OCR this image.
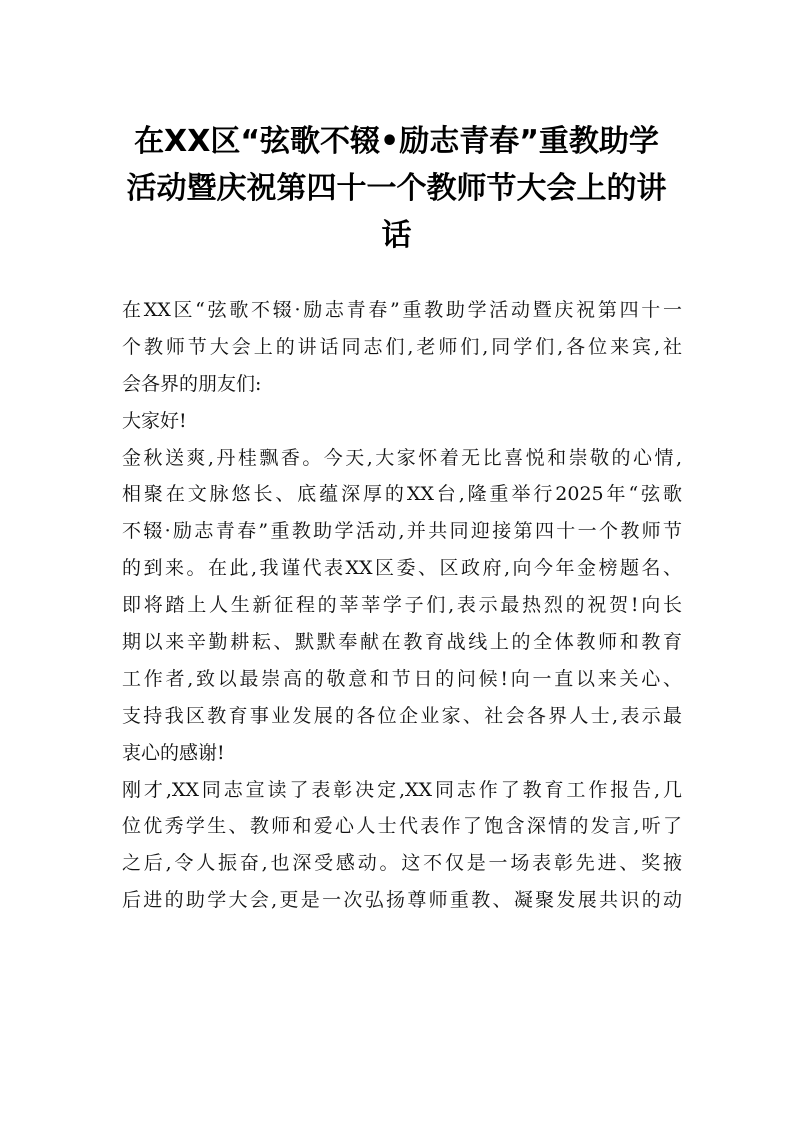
在XX区“弦歌不辍•励志青春”重教助学
活动暨庆祝第四十一个教师节大会上的讲
话
在XX区“弦歌不辍·励志青春”重教助学活动暨庆祝第四十一
个教师节大会上的讲话同志们,老师们,同学们,各位来宾,社
会各界的朋友们:
大家好!
金秋送爽,丹桂飘香。今天,大家怀着无比喜悦和崇敬的心情,
相聚在文脉悠长、底蕴深厚的XX台,隆重举行2025年“弦歌
不辍·励志青春”重教助学活动,并共同迎接第四十一个教师节
的到来。在此,我谨代表XX区委、区政府,向今年金榜题名、
即将踏上人生新征程的莘莘学子们,表示最热烈的祝贺!向长
期以来辛勤耕耘、默默奉献在教育战线上的全体教师和教育
工作者,致以最崇高的敬意和节日的问候!向一直以来关心、
支持我区教育事业发展的各位企业家、社会各界人士,表示最
衷心的感谢!
刚才,XX同志宣读了表彰决定,XX同志作了教育工作报告,几
位优秀学生、教师和爱心人士代表作了饱含深情的发言,听了
之后,令人振奋,也深受感动。这不仅是一场表彰先进、奖掖
后进的助学大会,更是一次弘扬尊师重教、凝聚发展共识的动
